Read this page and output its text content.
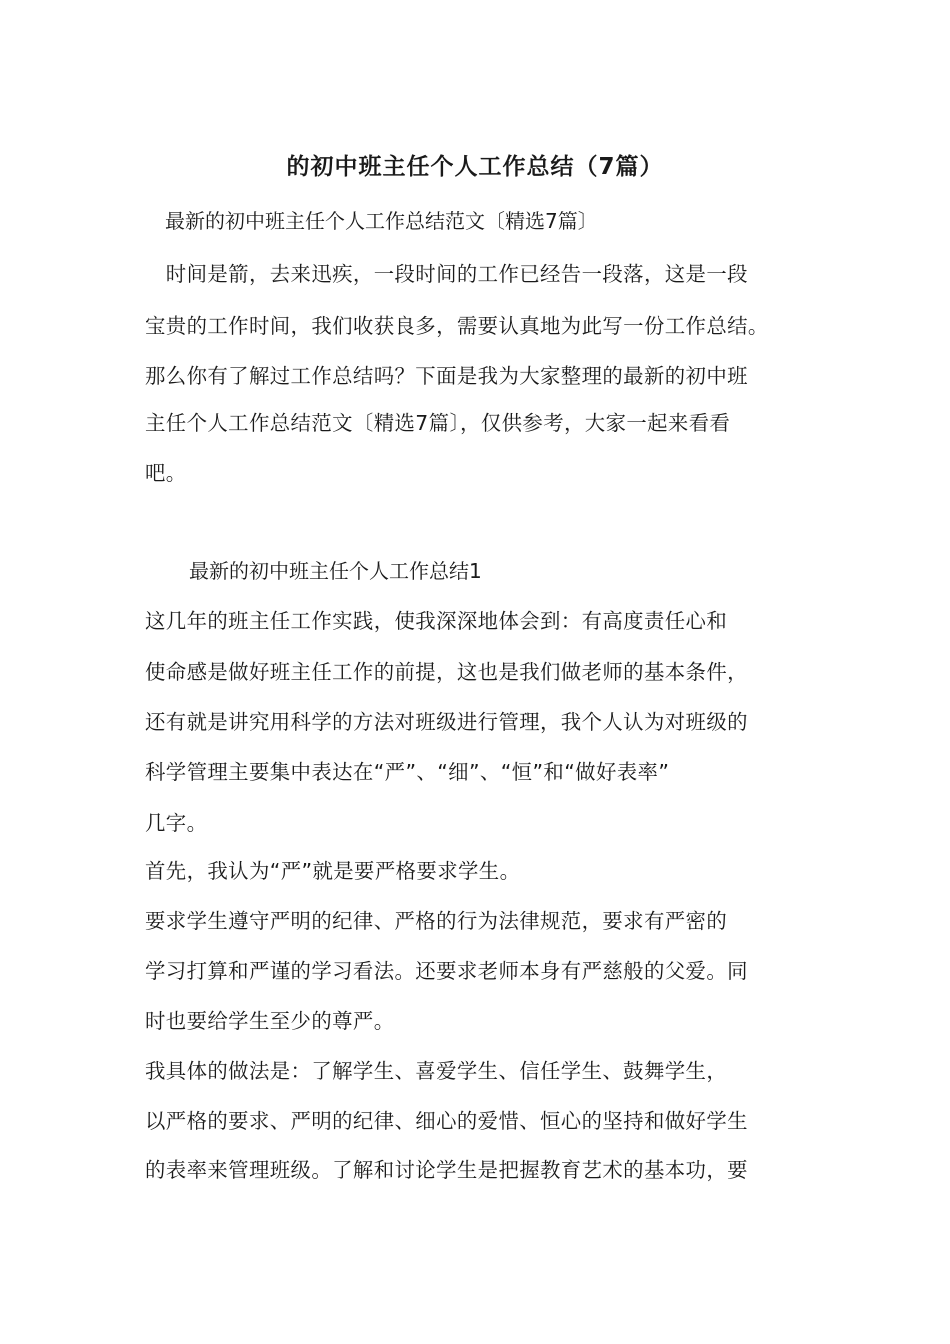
的初中班主任个人工作总结（7篇）
最新的初中班主任个人工作总结范文〔精选7篇〕
　时间是箭，去来迅疾，一段时间的工作已经告一段落，这是一段
宝贵的工作时间，我们收获良多，需要认真地为此写一份工作总结。
那么你有了解过工作总结吗？下面是我为大家整理的最新的初中班
主任个人工作总结范文〔精选7篇〕，仅供参考，大家一起来看看
吧。
最新的初中班主任个人工作总结1
这几年的班主任工作实践，使我深深地体会到：有高度责任心和
使命感是做好班主任工作的前提，这也是我们做老师的基本条件，
还有就是讲究用科学的方法对班级进行管理，我个人认为对班级的
科学管理主要集中表达在“严”、“细”、“恒”和“做好表率”
几字。
首先，我认为“严”就是要严格要求学生。
要求学生遵守严明的纪律、严格的行为法律规范，要求有严密的
学习打算和严谨的学习看法。还要求老师本身有严慈般的父爱。同
时也要给学生至少的尊严。
我具体的做法是：了解学生、喜爱学生、信任学生、鼓舞学生，
以严格的要求、严明的纪律、细心的爱惜、恒心的坚持和做好学生
的表率来管理班级。了解和讨论学生是把握教育艺术的基本功，要
